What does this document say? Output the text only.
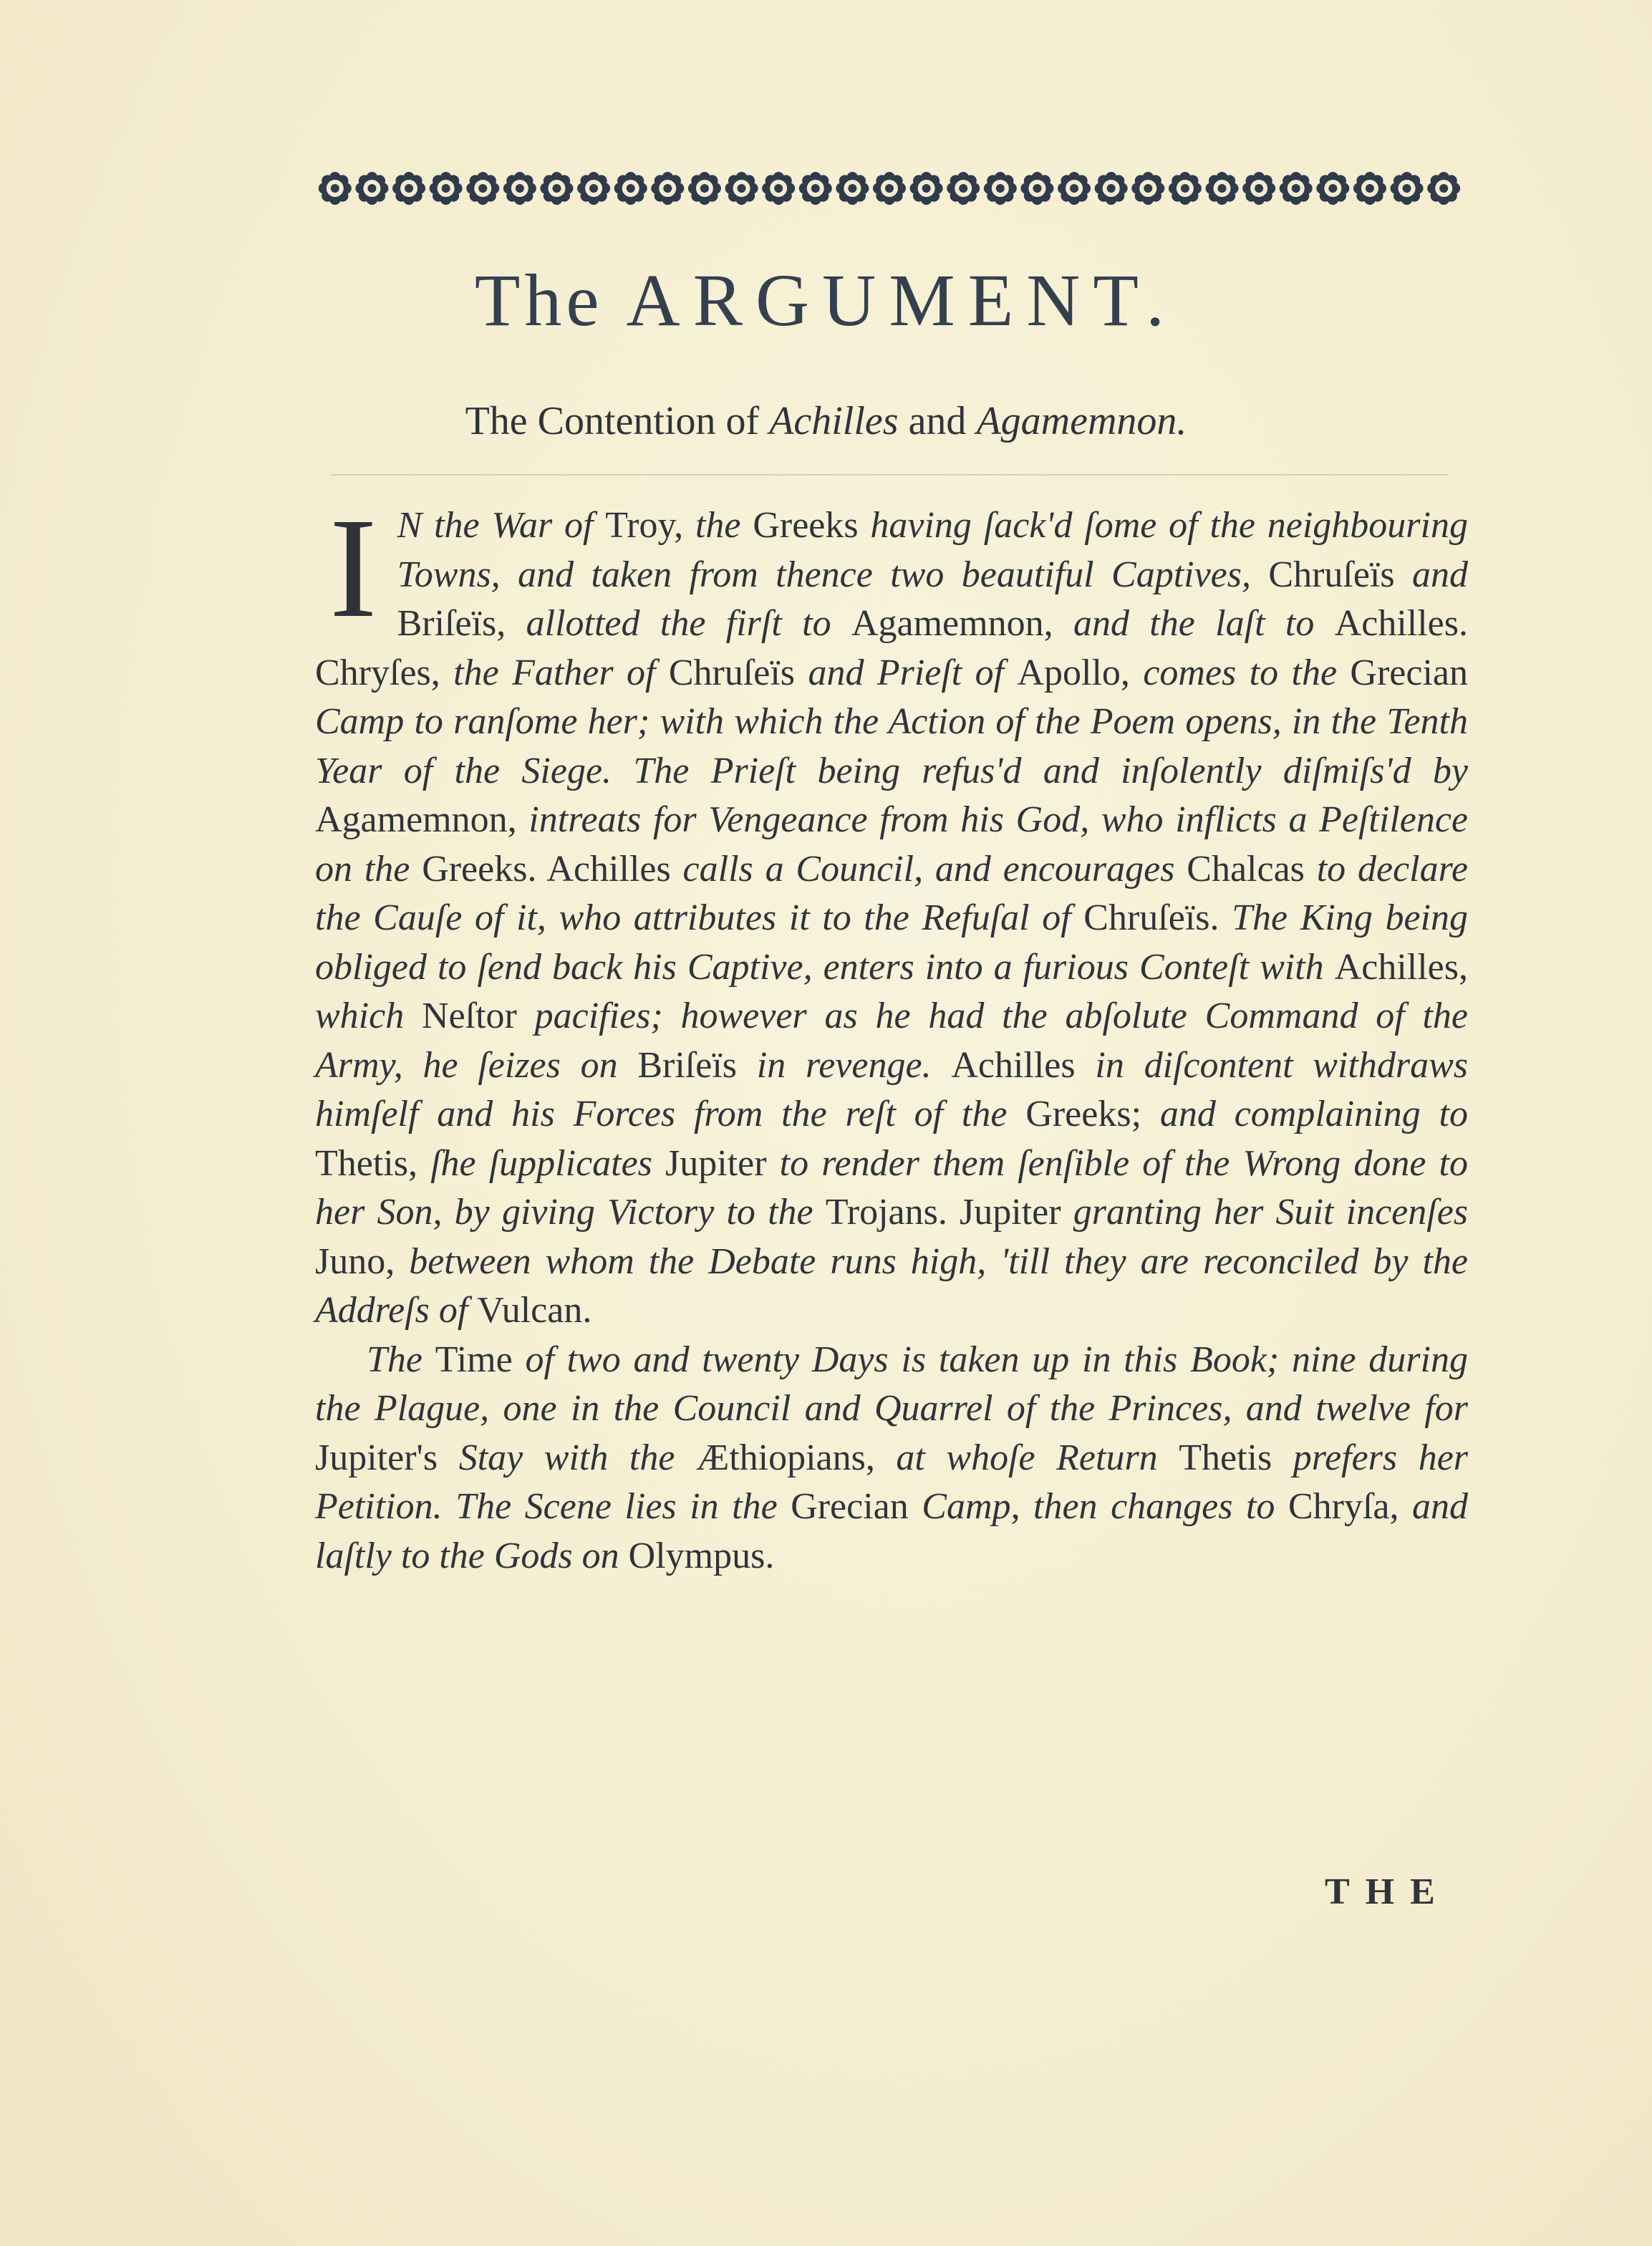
The ARGUMENT.
The Contention of Achilles and Agamemnon.

I N the War of Troy, the Greeks having ſack'd ſome of the neighbouring Towns, and taken from thence two beautiful Captives, Chruſeïs and Briſeïs, allotted the firſt to Agamemnon, and the laſt to Achilles. Chryſes, the Father of Chruſeïs and Prieſt of Apollo, comes to the Grecian Camp to ranſome her; with which the Action of the Poem opens, in the Tenth Year of the Siege. The Prieſt being refus'd and inſolently diſmiſs'd by Agamemnon, intreats for Vengeance from his God, who inflicts a Peſtilence on the Greeks. Achilles calls a Council, and encourages Chalcas to declare the Cauſe of it, who attributes it to the Refuſal of Chruſeïs. The King being obliged to ſend back his Captive, enters into a furious Conteſt with Achilles, which Neſtor pacifies; however as he had the abſolute Command of the Army, he ſeizes on Briſeïs in revenge. Achilles in diſcontent withdraws himſelf and his Forces from the reſt of the Greeks; and complaining to Thetis, ſhe ſupplicates Jupiter to render them ſenſible of the Wrong done to her Son, by giving Victory to the Trojans. Jupiter granting her Suit incenſes Juno, between whom the Debate runs high, 'till they are reconciled by the Addreſs of Vulcan.

The Time of two and twenty Days is taken up in this Book; nine during the Plague, one in the Council and Quarrel of the Princes, and twelve for Jupiter's Stay with the Æthiopians, at whoſe Return Thetis prefers her Petition. The Scene lies in the Grecian Camp, then changes to Chryſa, and laſtly to the Gods on Olympus.

THE
